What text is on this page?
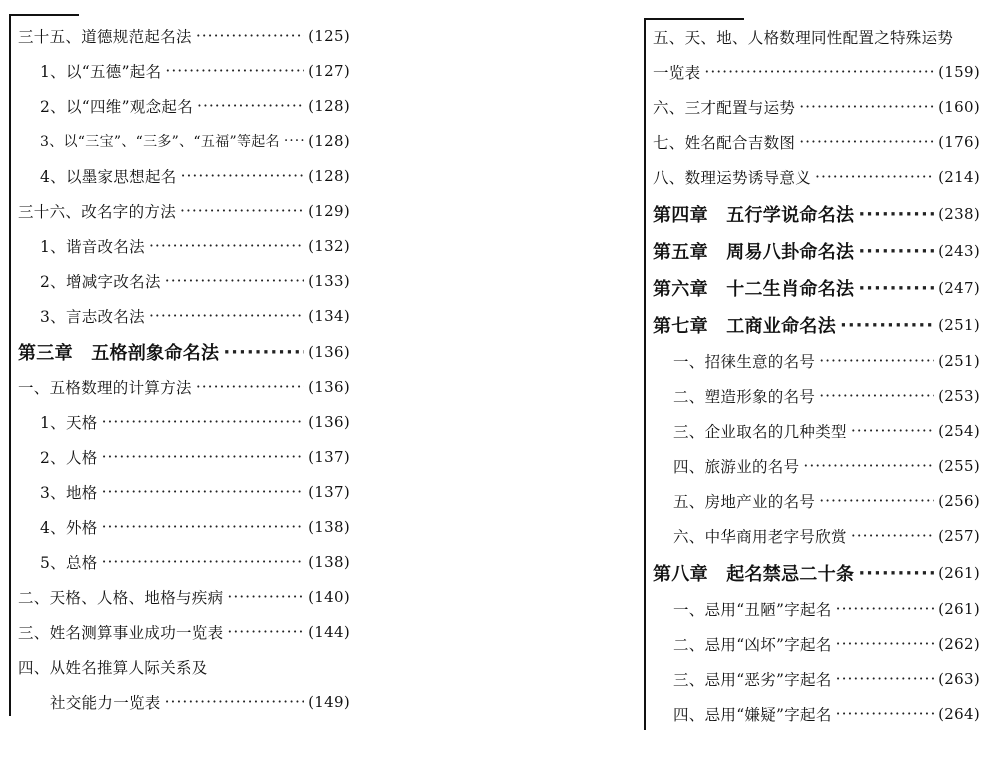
三十五、道德规范起名法 ·····	(125)
1、以“五德”起名 ·····	(127)
2、以“四维”观念起名 ·····	(128)
3、以“三宝”、“三多”、“五福”等起名 ····· (128)
4、以墨家思想起名 ·····	(128)
三十六、改名字的方法 ·····	(129)
1、谐音改名法 ·····	(132)
2、增减字改名法 ·····	(133)
3、言志改名法 ·····	(134)
第三章　五格剖象命名法 ·····	(136)
一、五格数理的计算方法 ·····	(136)
1、天格 ·····	(136)
2、人格 ·····	(137)
3、地格 ·····	(137)
4、外格 ·····	(138)
5、总格 ·····	(138)
二、天格、人格、地格与疾病 ·····	(140)
三、姓名测算事业成功一览表 ·····	(144)
四、从姓名推算人际关系及
社交能力一览表 ·····	(149)
五、天、地、人格数理同性配置之特殊运势
一览表 ·····	(159)
六、三才配置与运势 ·····	(160)
七、姓名配合吉数图 ·····	(176)
八、数理运势诱导意义 ·····	(214)
第四章　五行学说命名法 ·····	(238)
第五章　周易八卦命名法 ·····	(243)
第六章　十二生肖命名法 ·····	(247)
第七章　工商业命名法 ·····	(251)
一、招徕生意的名号 ·····	(251)
二、塑造形象的名号 ·····	(253)
三、企业取名的几种类型 ·····	(254)
四、旅游业的名号 ·····	(255)
五、房地产业的名号 ·····	(256)
六、中华商用老字号欣赏 ·····	(257)
第八章　起名禁忌二十条 ·····	(261)
一、忌用“丑陋”字起名 ·····	(261)
二、忌用“凶坏”字起名 ·····	(262)
三、忌用“恶劣”字起名 ·····	(263)
四、忌用“嫌疑”字起名 ·····	(264)
